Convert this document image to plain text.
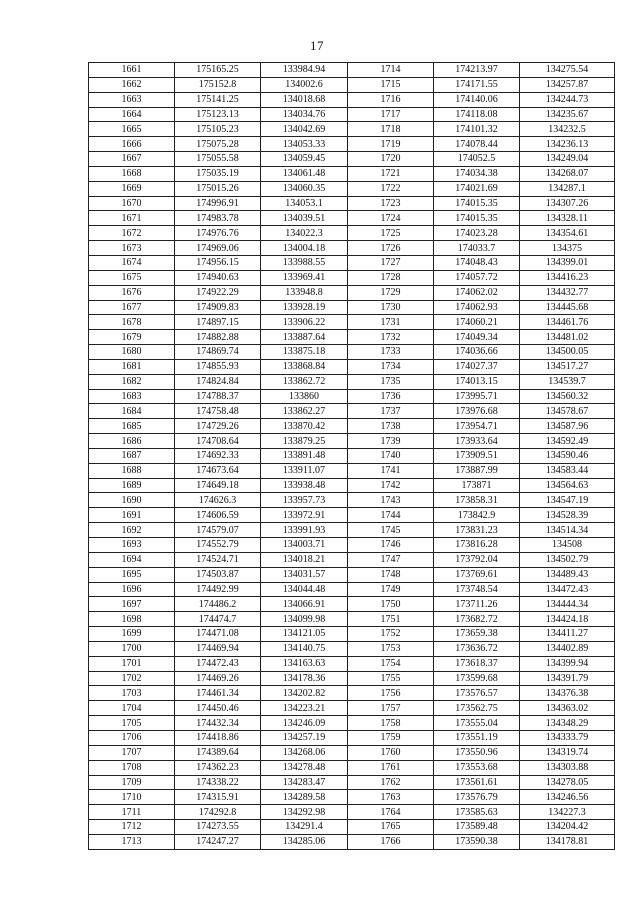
17
1661	175165.25	133984.94	1714	174213.97	134275.54
1662	175152.8	134002.6	1715	174171.55	134257.87
1663	175141.25	134018.68	1716	174140.06	134244.73
1664	175123.13	134034.76	1717	174118.08	134235.67
1665	175105.23	134042.69	1718	174101.32	134232.5
1666	175075.28	134053.33	1719	174078.44	134236.13
1667	175055.58	134059.45	1720	174052.5	134249.04
1668	175035.19	134061.48	1721	174034.38	134268.07
1669	175015.26	134060.35	1722	174021.69	134287.1
1670	174996.91	134053.1	1723	174015.35	134307.26
1671	174983.78	134039.51	1724	174015.35	134328.11
1672	174976.76	134022.3	1725	174023.28	134354.61
1673	174969.06	134004.18	1726	174033.7	134375
1674	174956.15	133988.55	1727	174048.43	134399.01
1675	174940.63	133969.41	1728	174057.72	134416.23
1676	174922.29	133948.8	1729	174062.02	134432.77
1677	174909.83	133928.19	1730	174062.93	134445.68
1678	174897.15	133906.22	1731	174060.21	134461.76
1679	174882.88	133887.64	1732	174049.34	134481.02
1680	174869.74	133875.18	1733	174036.66	134500.05
1681	174855.93	133868.84	1734	174027.37	134517.27
1682	174824.84	133862.72	1735	174013.15	134539.7
1683	174788.37	133860	1736	173995.71	134560.32
1684	174758.48	133862.27	1737	173976.68	134578.67
1685	174729.26	133870.42	1738	173954.71	134587.96
1686	174708.64	133879.25	1739	173933.64	134592.49
1687	174692.33	133891.48	1740	173909.51	134590.46
1688	174673.64	133911.07	1741	173887.99	134583.44
1689	174649.18	133938.48	1742	173871	134564.63
1690	174626.3	133957.73	1743	173858.31	134547.19
1691	174606.59	133972.91	1744	173842.9	134528.39
1692	174579.07	133991.93	1745	173831.23	134514.34
1693	174552.79	134003.71	1746	173816.28	134508
1694	174524.71	134018.21	1747	173792.04	134502.79
1695	174503.87	134031.57	1748	173769.61	134489.43
1696	174492.99	134044.48	1749	173748.54	134472.43
1697	174486.2	134066.91	1750	173711.26	134444.34
1698	174474.7	134099.98	1751	173682.72	134424.18
1699	174471.08	134121.05	1752	173659.38	134411.27
1700	174469.94	134140.75	1753	173636.72	134402.89
1701	174472.43	134163.63	1754	173618.37	134399.94
1702	174469.26	134178.36	1755	173599.68	134391.79
1703	174461.34	134202.82	1756	173576.57	134376.38
1704	174450.46	134223.21	1757	173562.75	134363.02
1705	174432.34	134246.09	1758	173555.04	134348.29
1706	174418.86	134257.19	1759	173551.19	134333.79
1707	174389.64	134268.06	1760	173550.96	134319.74
1708	174362.23	134278.48	1761	173553.68	134303.88
1709	174338.22	134283.47	1762	173561.61	134278.05
1710	174315.91	134289.58	1763	173576.79	134246.56
1711	174292.8	134292.98	1764	173585.63	134227.3
1712	174273.55	134291.4	1765	173589.48	134204.42
1713	174247.27	134285.06	1766	173590.38	134178.81
